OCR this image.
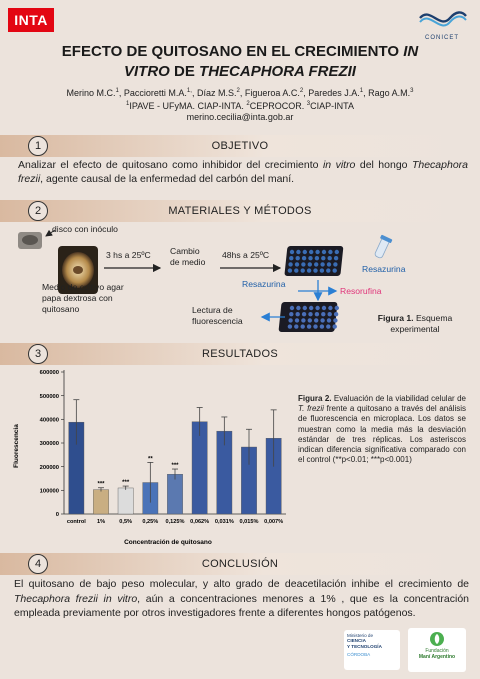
INTA
CONICET
EFECTO DE QUITOSANO EN EL CRECIMIENTO IN
VITRO DE THECAPHORA FREZII
Merino M.C.$^1$, Paccioretti M.A.$^{1,}$, Díaz M.S.$^2$, Figueroa A.C.$^2$, Paredes J.A.$^1$, Rago A.M.$^3$
$^1$IPAVE - UFyMA. CIAP-INTA. $^2$CEPROCOR. $^3$CIAP-INTA
merino.cecilia@inta.gob.ar
1	OBJETIVO
Analizar el efecto de quitosano como inhibidor del crecimiento in vitro del hongo Thecaphora frezii, agente causal de la enfermedad del carbón del maní.
2	MATERIALES Y MÉTODOS
disco con inóculo
3 hs a 25ºC Cambio
de medio
48hs a 25ºC
Resazurina
Medio de cultivo agar
papa dextrosa con
quitosano
Resazurina
Resorufina
Lectura de
fluorescencia	Figura 1. Esquema
experimental
3	RESULTADOS
Fluorescencia
Concentración de quitosano
0
100000
200000
300000
400000
500000
600000
control
***
1%
***
0,5%
**
0,25%
***
0,125% 0,062% 0,031% 0,015% 0,007%
Figura 2. Evaluación de la viabilidad celular de T. frezii frente a quitosano a través del análisis de fluorescencia en microplaca. Los datos se muestran como la media más la desviación estándar de tres réplicas. Los asteriscos indican diferencia significativa comparado con el control (**p<0.01; ***p<0.001)
4	CONCLUSIÓN
El quitosano de bajo peso molecular, y alto grado de deacetilación inhibe el crecimiento de Thecaphora frezii in vitro, aún a concentraciones menores a 1% , que es la concentración empleada previamente por otros investigadores frente a diferentes hongos patógenos.
Ministerio de
CIENCIA
Y TECNOLOGÍA
CÓRDOBA
Fundación
Maní Argentino
